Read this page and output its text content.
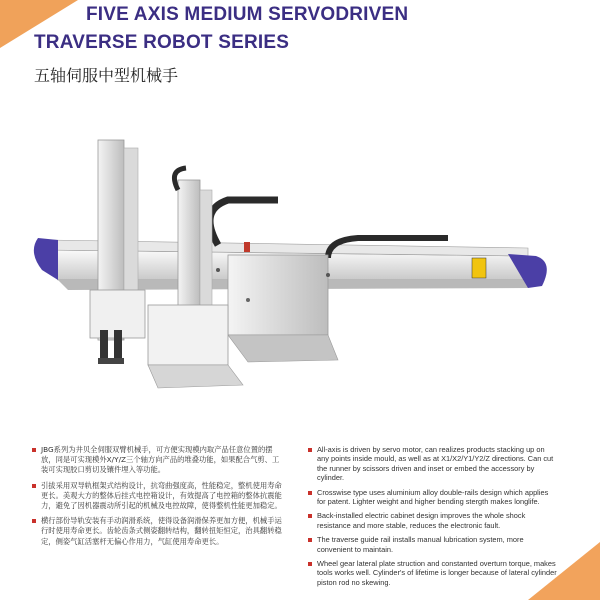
FIVE AXIS MEDIUM SERVODRIVEN
TRAVERSE ROBOT SERIES
五轴伺服中型机械手
JBG系列为井贝全伺服双臂机械手，可方便实现模内取产品任意位置的摆放，同是可实现模外X/Y/Z三个轴方向产品的堆叠功能，如果配合气剪、工装可实现胶口剪切及镶件埋入等功能。
引拔采用双导轨框架式结构设计，抗弯曲强度高，性能稳定，整机使用寿命更长。美观大方的整体后挂式电控箱设计，有效提高了电控箱的整体抗震能力，避免了因机器震动所引起的机械及电控故障，使得整机性能更加稳定。
横行部份导轨安装有手动润滑系统，使得设备润滑保养更加方便，机械手运行时使用寿命更长。齿轮齿条式侧姿翻转结构，翻转扭矩恒定，治具翻转稳定，侧姿气缸活塞杆无偏心作用力，气缸使用寿命更长。
All-axis is driven by servo motor, can realizes products stacking up on any points inside mould, as well as at X1/X2/Y1/Y2/Z directions. Can cut the runner by scissors driven and inset or embed the accessory by cylinder.
Crosswise type uses aluminium alloy double-rails design which applies for patent. Lighter weight and higher bending stergth makes longlife.
Back-installed electric cabinet design improves the whole shock resistance and more stable, reduces the electronic fault.
The traverse guide rail installs manual lubrication system, more convenient to maintain.
Wheel gear lateral plate struction and constanted overturn torque, makes tools works well. Cylinder's of lifetime is longer because of lateral cylinder piston rod no skewing.
